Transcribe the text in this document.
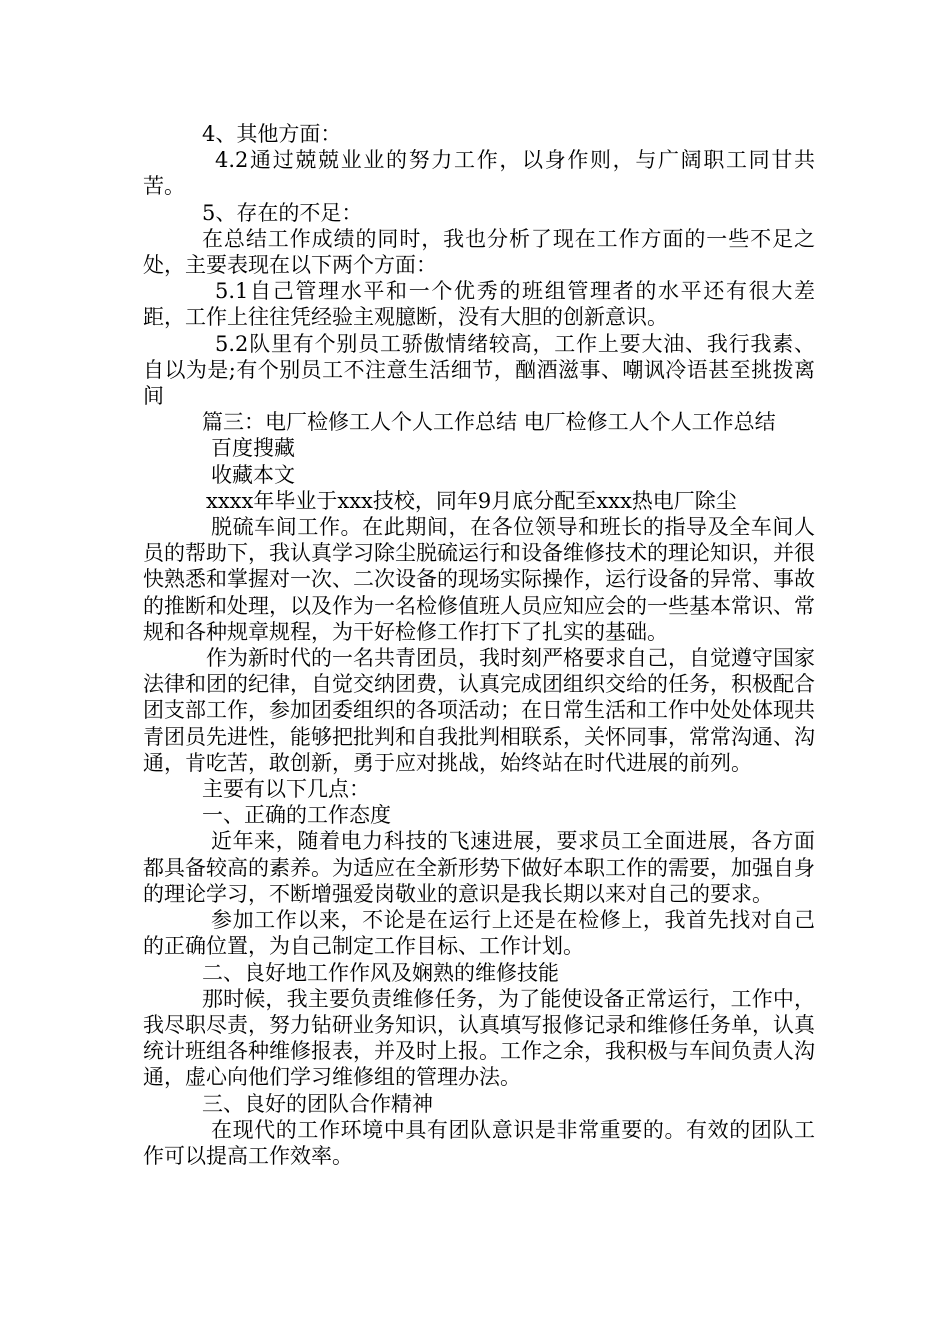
4、其他方面：

4.2通过兢兢业业的努力工作，以身作则，与广阔职工同甘共苦。

5、存在的不足：

在总结工作成绩的同时，我也分析了现在工作方面的一些不足之处，主要表现在以下两个方面：

5.1自己管理水平和一个优秀的班组管理者的水平还有很大差距，工作上往往凭经验主观臆断，没有大胆的创新意识。

5.2队里有个别员工骄傲情绪较高，工作上要大油、我行我素、自以为是;有个别员工不注意生活细节，酗酒滋事、嘲讽冷语甚至挑拨离间

篇三：电厂检修工人个人工作总结 电厂检修工人个人工作总结

百度搜藏

收藏本文

xxxx年毕业于xxx技校，同年9月底分配至xxx热电厂除尘

脱硫车间工作。在此期间，在各位领导和班长的指导及全车间人员的帮助下，我认真学习除尘脱硫运行和设备维修技术的理论知识，并很快熟悉和掌握对一次、二次设备的现场实际操作，运行设备的异常、事故的推断和处理，以及作为一名检修值班人员应知应会的一些基本常识、常规和各种规章规程，为干好检修工作打下了扎实的基础。

作为新时代的一名共青团员，我时刻严格要求自己，自觉遵守国家法律和团的纪律，自觉交纳团费，认真完成团组织交给的任务，积极配合团支部工作，参加团委组织的各项活动；在日常生活和工作中处处体现共青团员先进性，能够把批判和自我批判相联系，关怀同事，常常沟通、沟通，肯吃苦，敢创新，勇于应对挑战，始终站在时代进展的前列。

主要有以下几点：

一、正确的工作态度

近年来，随着电力科技的飞速进展，要求员工全面进展，各方面都具备较高的素养。为适应在全新形势下做好本职工作的需要，加强自身的理论学习，不断增强爱岗敬业的意识是我长期以来对自己的要求。

参加工作以来，不论是在运行上还是在检修上，我首先找对自己的正确位置，为自己制定工作目标、工作计划。

二、良好地工作作风及娴熟的维修技能

那时候，我主要负责维修任务，为了能使设备正常运行，工作中，我尽职尽责，努力钻研业务知识，认真填写报修记录和维修任务单，认真统计班组各种维修报表，并及时上报。工作之余，我积极与车间负责人沟通，虚心向他们学习维修组的管理办法。

三、良好的团队合作精神

在现代的工作环境中具有团队意识是非常重要的。有效的团队工作可以提高工作效率。
